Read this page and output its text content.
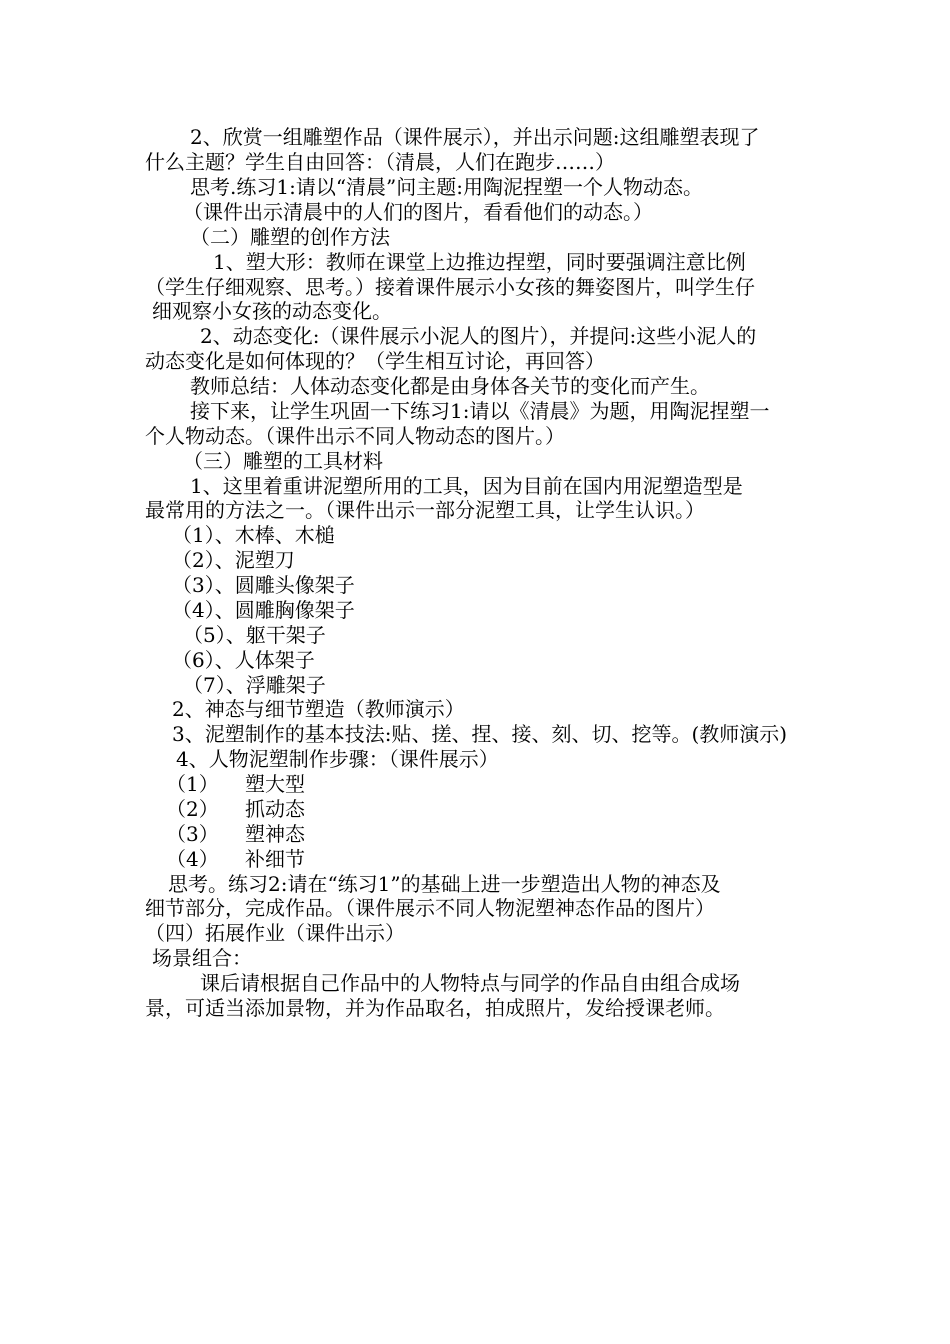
2、欣赏一组雕塑作品（课件展示），并出示问题:这组雕塑表现了
什么主题？学生自由回答：（清晨，人们在跑步……）
思考.练习1:请以“清晨”问主题:用陶泥捏塑一个人物动态。
（课件出示清晨中的人们的图片，看看他们的动态。）
（二）雕塑的创作方法
1、塑大形：教师在课堂上边推边捏塑，同时要强调注意比例
（学生仔细观察、思考。）接着课件展示小女孩的舞姿图片，叫学生仔
细观察小女孩的动态变化。
2、动态变化:（课件展示小泥人的图片），并提问:这些小泥人的
动态变化是如何体现的？（学生相互讨论，再回答）
教师总结：人体动态变化都是由身体各关节的变化而产生。
接下来，让学生巩固一下练习1:请以《清晨》为题，用陶泥捏塑一
个人物动态。（课件出示不同人物动态的图片。）
（三）雕塑的工具材料
1、这里着重讲泥塑所用的工具，因为目前在国内用泥塑造型是
最常用的方法之一。（课件出示一部分泥塑工具，让学生认识。）
（1）、木棒、木槌
（2）、泥塑刀
（3）、圆雕头像架子
（4）、圆雕胸像架子
（5）、躯干架子
（6）、人体架子
（7）、浮雕架子
2、神态与细节塑造（教师演示）
3、泥塑制作的基本技法:贴、搓、捏、接、刻、切、挖等。(教师演示)
4、人物泥塑制作步骤：（课件展示）
（1） 塑大型
（2） 抓动态
（3） 塑神态
（4） 补细节
思考。练习2:请在“练习1”的基础上进一步塑造出人物的神态及
细节部分，完成作品。（课件展示不同人物泥塑神态作品的图片）
（四）拓展作业（课件出示）
场景组合：
课后请根据自己作品中的人物特点与同学的作品自由组合成场
景，可适当添加景物，并为作品取名，拍成照片，发给授课老师。
